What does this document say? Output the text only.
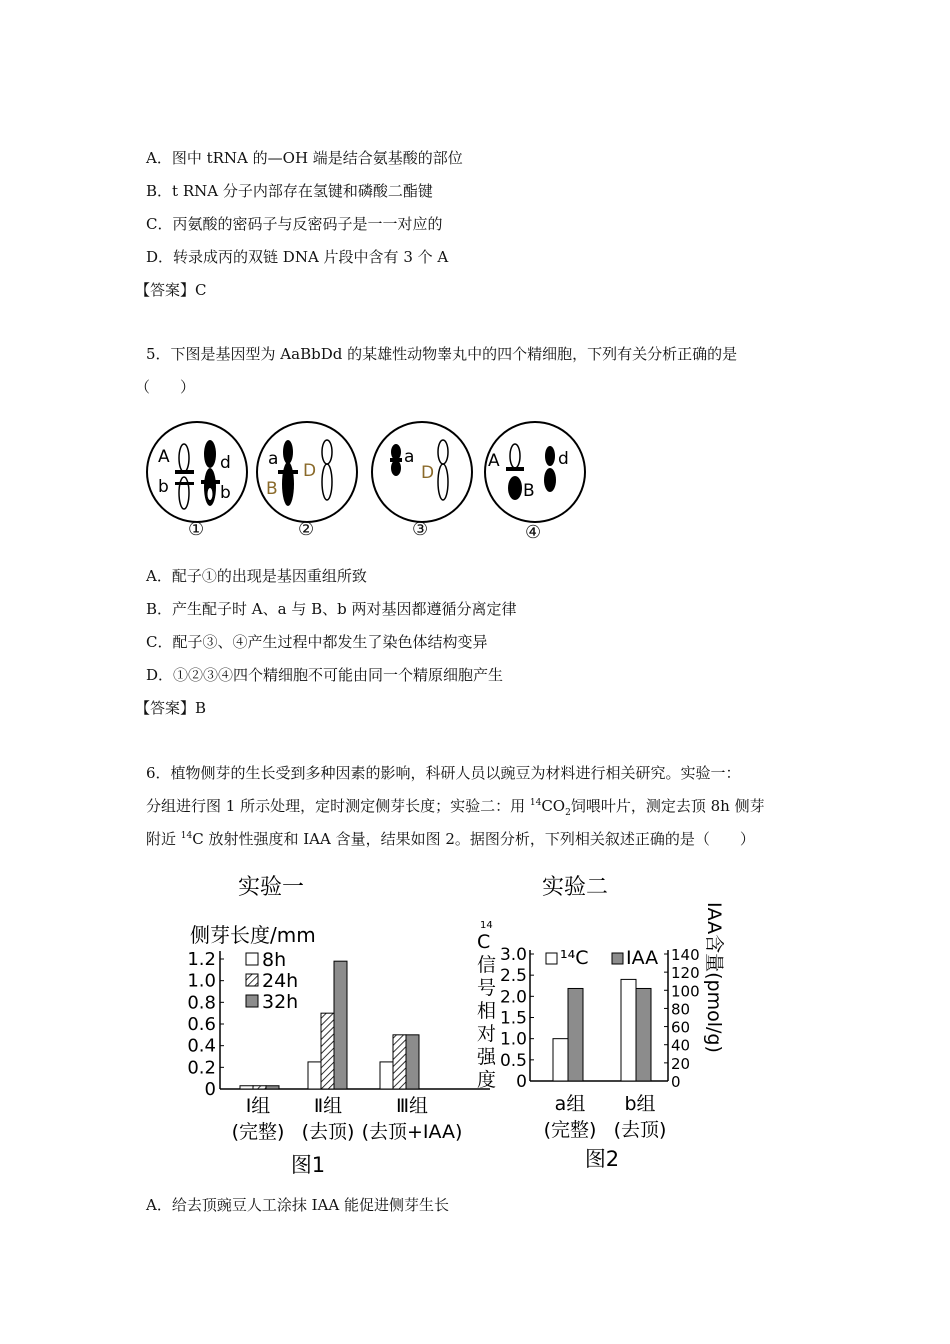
A．图中 tRNA 的—OH 端是结合氨基酸的部位
B．t RNA 分子内部存在氢键和磷酸二酯键
C．丙氨酸的密码子与反密码子是一一对应的
D．转录成丙的双链 DNA 片段中含有 3 个 A
【答案】C
5．下图是基因型为 AaBbDd 的某雄性动物睾丸中的四个精细胞，下列有关分析正确的是
（　　）
A
b
d
b
a
B
D
a
D
A
B
d
①	②	③	④
A．配子①的出现是基因重组所致
B．产生配子时 A、a 与 B、b 两对基因都遵循分离定律
C．配子③、④产生过程中都发生了染色体结构变异
D．①②③④四个精细胞不可能由同一个精原细胞产生
【答案】B
6．植物侧芽的生长受到多种因素的影响，科研人员以豌豆为材料进行相关研究。实验一：
分组进行图 1 所示处理，定时测定侧芽长度；实验二：用 $^{14}CO_2$饲喂叶片，测定去顶 8h 侧芽
附近 $^{14}$C 放射性强度和 IAA 含量，结果如图 2。据图分析，下列相关叙述正确的是（　　）
实验一
侧芽长度/mm
0
0.2
0.4
0.6
0.8
1.0
1.2 8h
24h
32h
Ⅰ组
(完整)
Ⅱ组
(去顶)
Ⅲ组
(去顶+IAA)
图1
实验二
14
C
信
号
相
对
强
度 0
0.5
1.0
1.5
2.0
2.5
3.0
0
20
40
60
80
100
120
140 IAA含量(pmol/g)
¹⁴C IAA
a组
(完整)
b组
(去顶)
图2
A．给去顶豌豆人工涂抹 IAA 能促进侧芽生长
